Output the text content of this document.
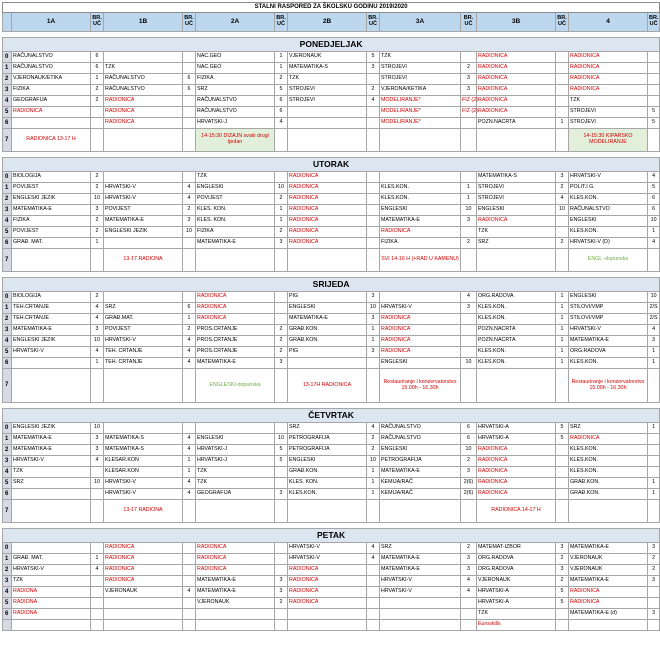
STALNI RASPORED ZA ŠKOLSKU GODINU 2019/2020														
	1A	BR. UČ	1B	BR. UČ	2A	BR. UČ	2B	BR. UČ	3A	BR. UČ	3B	BR. UČ	4	BR. UČ

PONEDJELJAK														
0	RAČUNALSTVO	6			NAC.GEO	1	VJERONAUK	5	TZK		RADIONICA		RADIONICA	
1	RAČUNALSTVO	6	TZK		NAC.GEO	1	MATEMATIKA-S	3	STROJEVI	2	RADIONICA		RADIONICA	
2	VJERONAUK/ETIKA	1	RAČUNALSTVO	6	FIZIKA	2	TZK		STROJEVI	3	RADIONICA		RADIONICA	
3	FIZIKA	2	RAČUNALSTVO	6	SRZ	5	STROJEVI	2	VJERONA/KETIKA	3	RADIONICA		RADIONICA	
4	GEOGRAFIJA	2	RADIONICA		RAČUNALSTVO	6	STROJEVI	4	MODELIRANJE*	FIZ (2)	RADIONICA		TZK	
5	RADIONICA		RADIONICA		RAČUNALSTVO	6			MODELIRANJE*	FIZ (2)	RADIONICA		STROJEVI	5
6			RADIONICA		HRVATSKI-J	4			MODELIRANJE*		POZN.NACRTA	1	STROJEVI	5
7	RADIONICA 13-17 H				14-15:30 DIZAJN svaki drugi tjedan								14-15:30 KIPARSKO MODELIRANJE	

UTORAK														
0	BIOLOGIJA	2			TZK		RADIONICA				MATEMATIKA-S	3	HRVATSKI-V	4
1	POVIJEST	2	HRVATSKI-V	4	ENGLESKI	10	RADIONICA		KLES.KON.	1	STROJEVI	2	POLIT.I G.	5
2	ENGLESKI JEZIK	10	HRVATSKI-V	4	POVIJEST	2	RADIONICA		KLES.KON.	1	STROJEVI	4	KLES.KON.	6
3	MATEMATIKA-E	3	POVIJEST	2	KLES. KON.	1	RADIONICA		ENGLESKI	10	ENGLESKI	10	RAČUNALSTVO	6
4	FIZIKA	2	MATEMATIKA-E	3	KLES. KON.	1	RADIONICA		MATEMATIKA-E	3	RADIONICA		ENGLESKI	10
5	POVIJEST	2	ENGLESKI JEZIK	10	FIZIKA	2	RADIONICA		RADIONICA		TZK		KLES.KON.	1
6	GRAĐ. MAT.	1			MATEMATIKA-E	3	RADIONICA		FIZIKA	2	SRZ	2	HRVATSKI-V (D)	4
7			13-17 RADIONA						SVI 14-16 H (+RAD U KAMENU)				ENGL -dopunska	

SRIJEDA														
0	BIOLOGIJA	2			RADIONICA		PIG	3		4	ORG.RADOVA	1	ENGLESKI	10
1	TEH.CRTANJE	4	SRZ	6	RADIONICA		ENGLESKI	10	HRVATSKI-V	3	KLES.KON.	1	STILOVI/VMP	2/S
2	TEH.CRTANJE	4	GRAĐ.MAT.	1	RADIONICA		MATEMATIKA-E	3	RADIONICA		KLES.KON.	1	STILOVI/VMP	2/S
3	MATEMATIKA-E	3	POVIJEST	2	PROS.CRTANJE	2	GRAĐ.KON.	1	RADIONICA		POZN.NACRTA	1	HRVATSKI-V	4
4	ENGLESKI JEZIK	10	HRVATSKI-V	4	PROS.CRTANJE	2	GRAĐ.KON.	1	RADIONICA		POZN.NACRTA	1	MATEMATIKA-E	3
5	HRVATSKI-V	4	TEH. CRTANJE	4	PROS.CRTANJE	2	PIG	3	RADIONICA		KLES.KON.	1	ORG.RADOVA	1
6		1	TEH. CRTANJE	4	MATEMATIKA-E	3			ENGLESKI	10	KLES.KON.	1	KLES.KON.	1
7					ENGLESKI-dopunska		13-17H RADIONICA		Restauriranje i konzervatorstvo 15.00h - 16.30h				Restauriranje i konzervatorstvo 15.00h - 16.30h	

ČETVRTAK														
0	ENGLESKI JEZIK	10					SRZ	4	RAČUNALSTVO	6	HRVATSKI-A	5	SRZ	1
1	MATEMATIKA-E	3	MATEMATIKA-S	4	ENGLESKI	10	PETROGRAFIJA	2	RAČUNALSTVO	6	HRVATSKI-A	5	RADIONICA	
2	MATEMATIKA-E	3	MATEMATIKA-S	4	HRVATSKI-J	5	PETROGRAFIJA	2	ENGLESKI	10	RADIONICA		KLES.KON.	
3	HRVATSKI-V	4	KLESAR.KON	1	HRVATSKI-J	5	ENGLESKI	10	PETROGRAFIJA	2	RADIONICA		KLES.KON.	
4	TZK		KLESAR.KON	1	TZK		GRAĐ.KON.	1	MATEMATIKA-E	3	RADIONICA		KLES.KON.	
5	SRZ	10	HRVATSKI-V	4	TZK		KLES. KON.	1	KEMIJA/RAČ	2(6)	RADIONICA		GRAĐ.KON.	1
6			HRVATSKI-V	4	GEOGRAFIJA	3	KLES.KON.	1	KEMIJA/RAČ	2(6)	RADIONICA		GRAĐ.KON.	1
7			13-17 RADIONA								RADIONICA 14-17 H			

PETAK														
0			RADIONICA		RADIONICA		HRVATSKI-V	4	SRZ	2	MATEMAT-IZBOR	3	MATEMATIKA-E	3
1	GRAĐ. MAT.	1	RADIONICA		RADIONICA		HRVATSKI-V	4	MATEMATIKA-E	3	ORG.RADOVA	2	VJERONAUK	2
2	HRVATSKI-V	4	RADIONICA		RADIONICA		RADIONICA		MATEMATIKA-E	3	ORG.RADOVA	3	VJERONAUK	2
3	TZK		RADIONICA		MATEMATIKA-E	3	RADIONICA		HRVATSKI-V	4	VJERONAUK	2	MATEMATIKA-E	3
4	RADIONA		VJERONAUK	4	MATEMATIKA-E	3	RADIONICA		HRVATSKI-V	4	HRVATSKI-A	5	RADIONICA	
5	RADIONA				VJERONAUK	2	RADIONICA				HRVATSKI-A	5	RADIONICA	
6	RADIONA										TZK		MATEMATIKA-E (d)	3
											Euroskills			
